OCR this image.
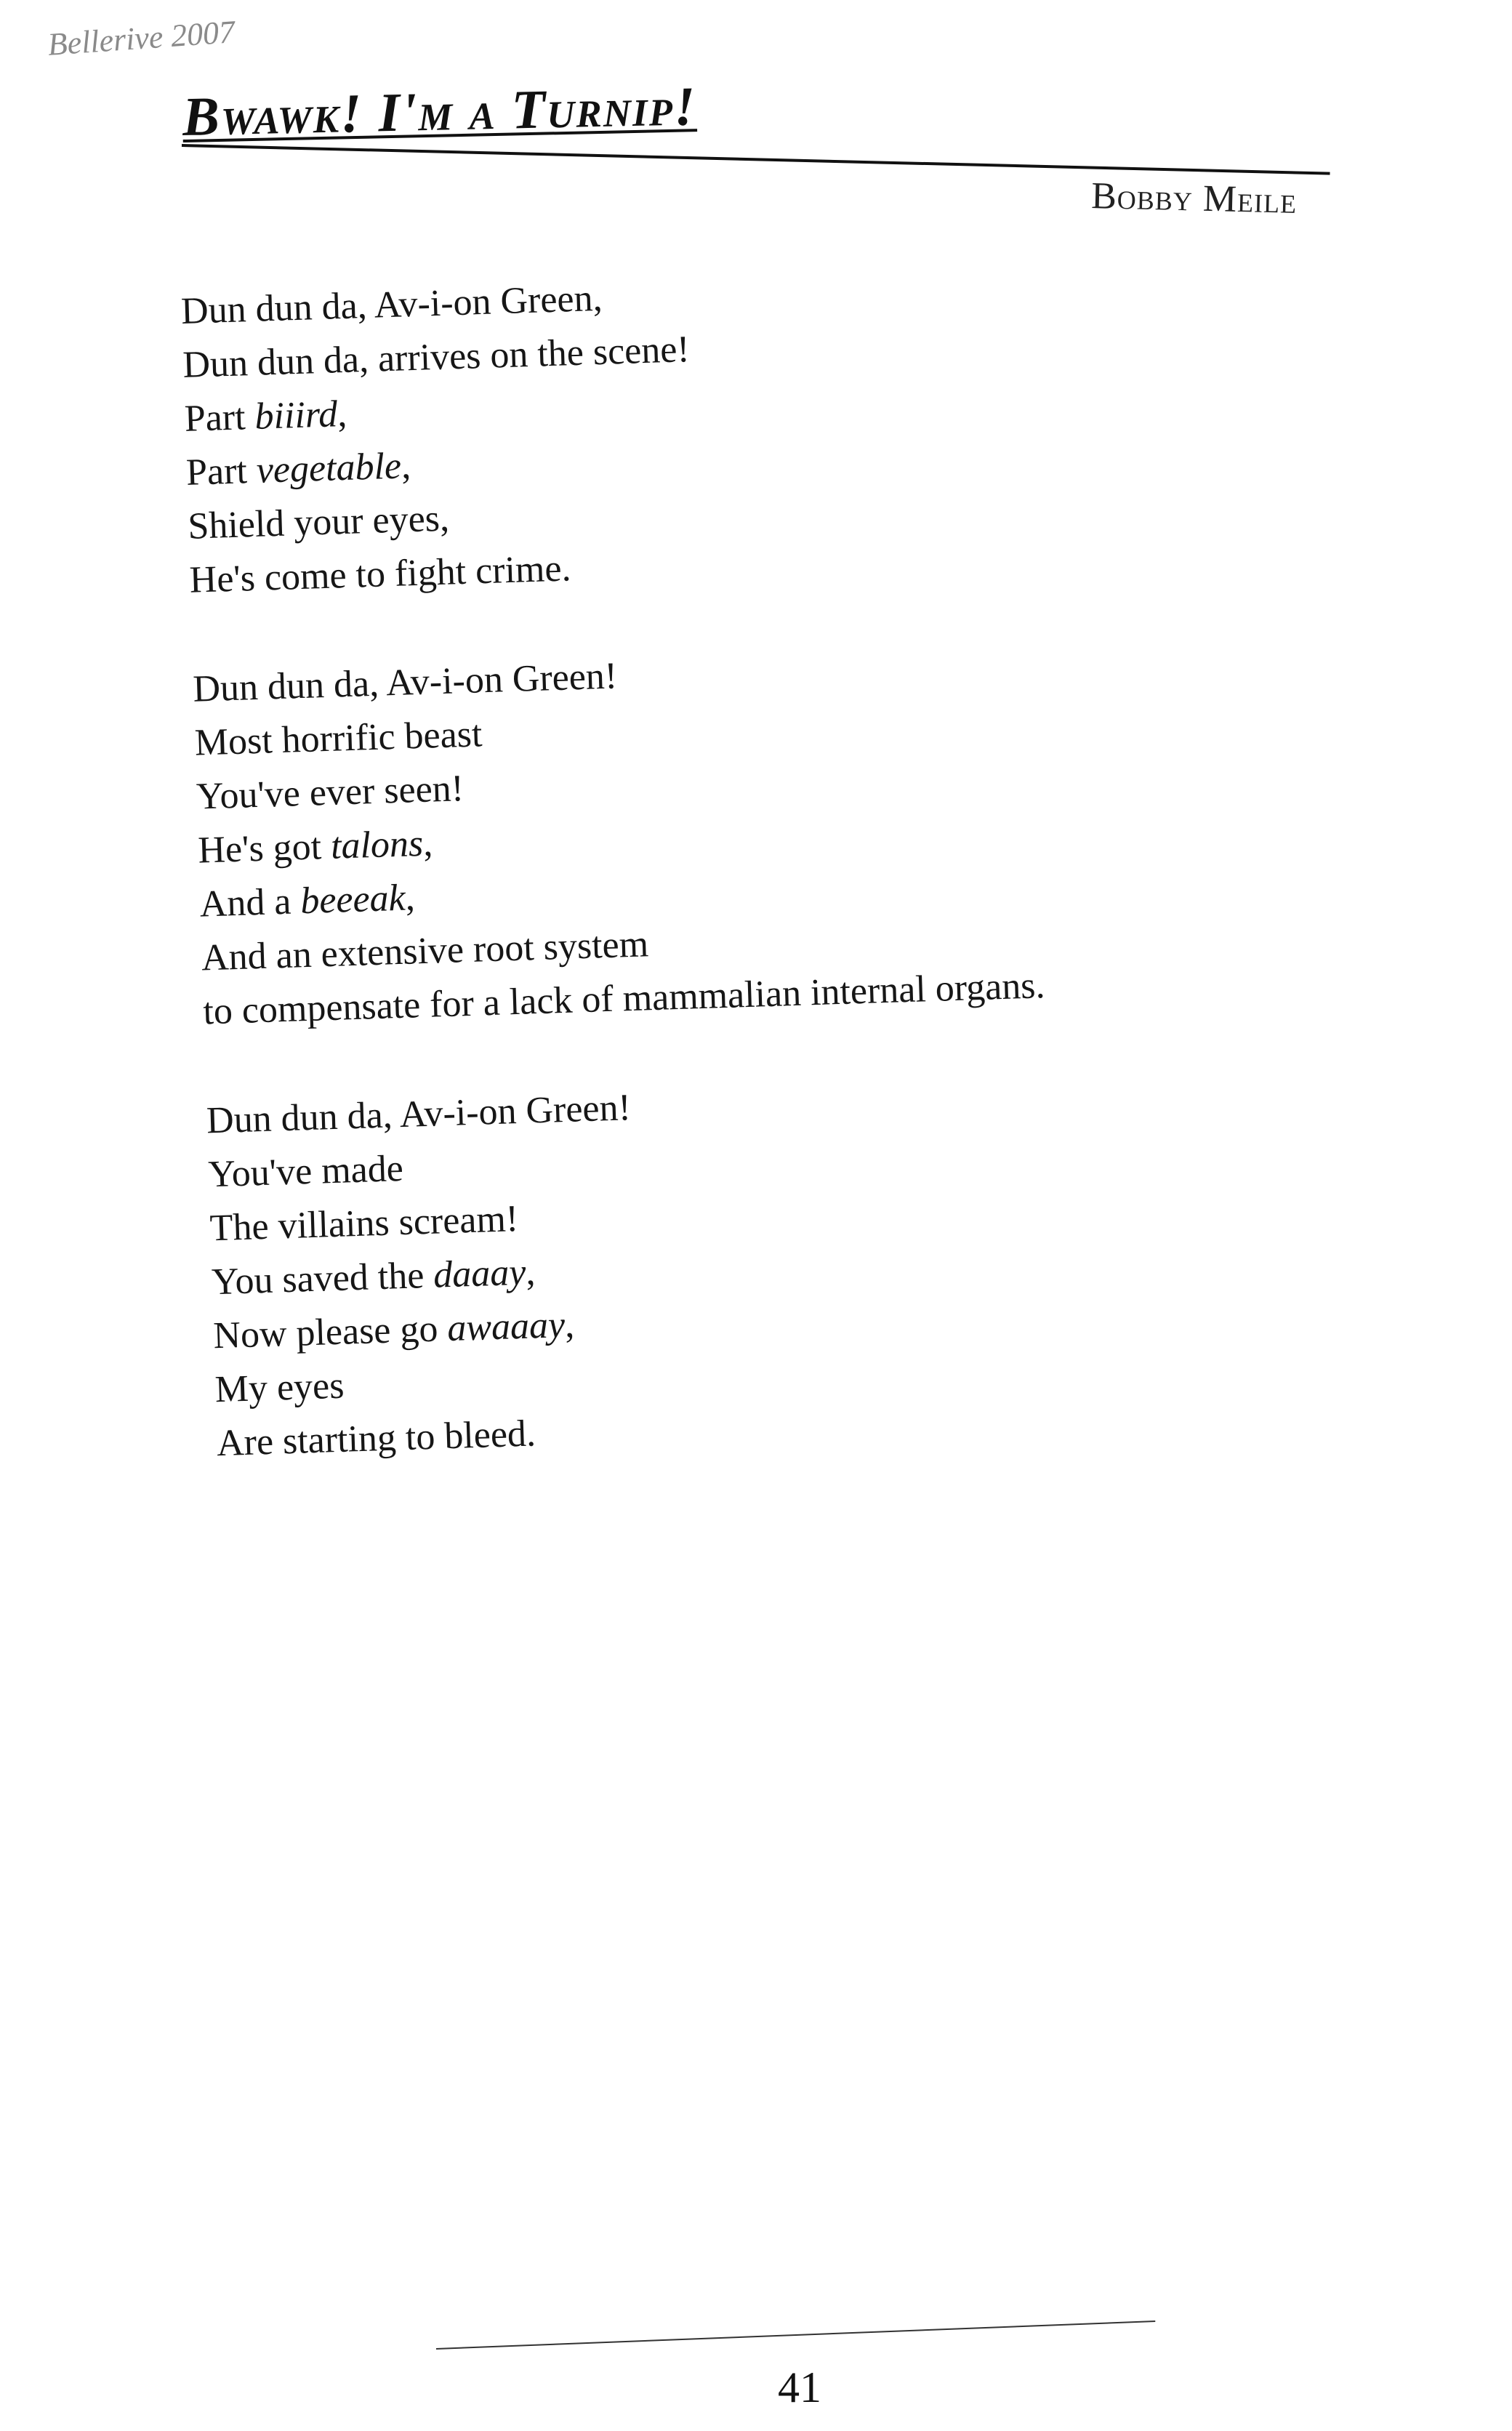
Bellerive 2007
Bwawk! I'm a Turnip!
Bobby Meile
Dun dun da, Av-i-on Green,
Dun dun da, arrives on the scene!
Part biiird,
Part vegetable,
Shield your eyes,
He's come to fight crime.
Dun dun da, Av-i-on Green!
Most horrific beast
You've ever seen!
He's got talons,
And a beeeak,
And an extensive root system
to compensate for a lack of mammalian internal organs.
Dun dun da, Av-i-on Green!
You've made
The villains scream!
You saved the daaay,
Now please go awaaay,
My eyes
Are starting to bleed.
41
